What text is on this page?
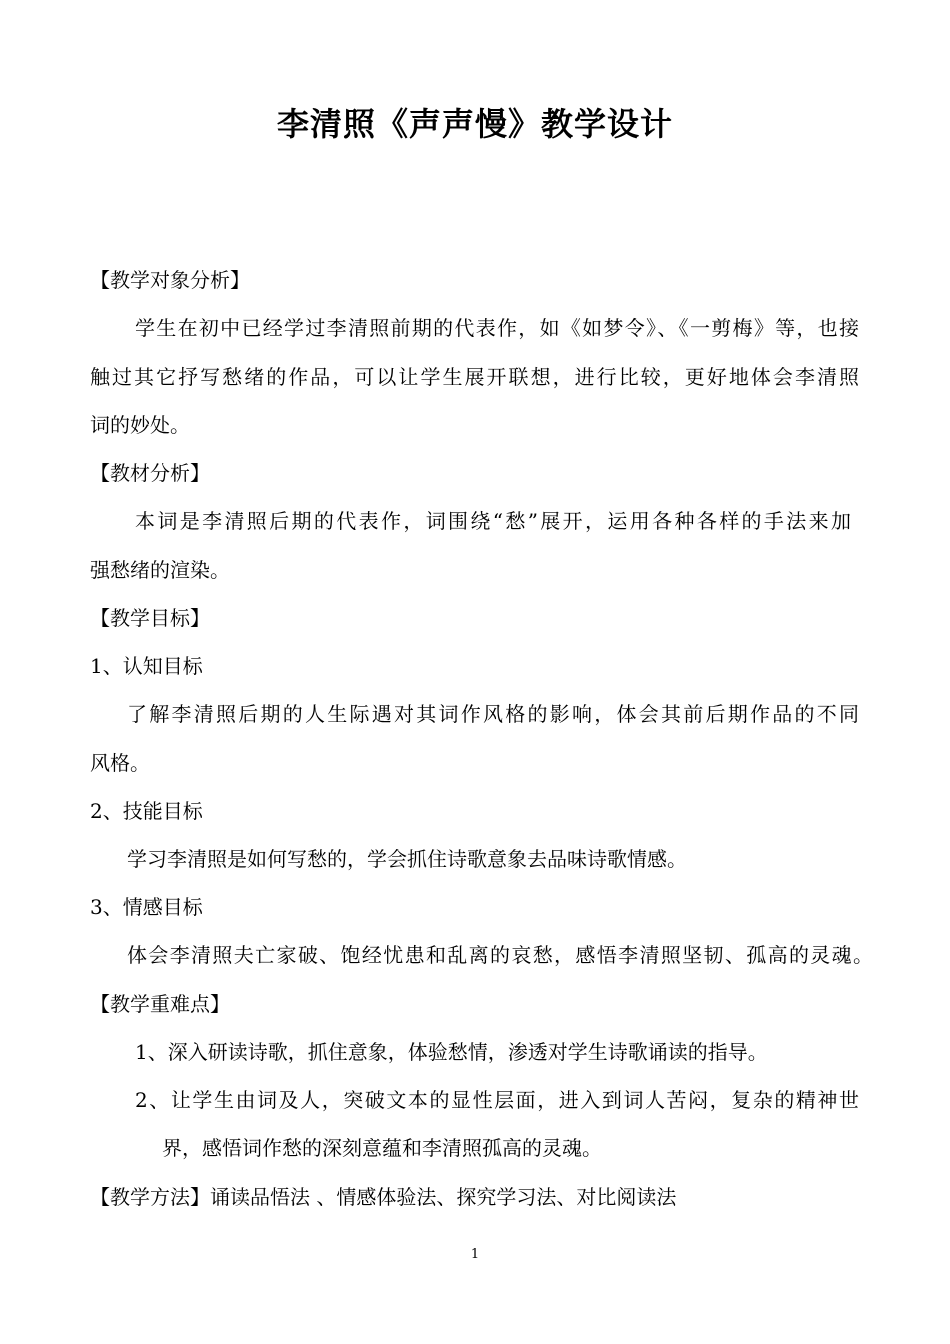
李清照《声声慢》教学设计
【教学对象分析】
学生在初中已经学过李清照前期的代表作，如《如梦令》、《一剪梅》等，也接
触过其它抒写愁绪的作品，可以让学生展开联想，进行比较，更好地体会李清照
词的妙处。
【教材分析】
本词是李清照后期的代表作，词围绕“愁”展开，运用各种各样的手法来加
强愁绪的渲染。
【教学目标】
1、认知目标
了解李清照后期的人生际遇对其词作风格的影响，体会其前后期作品的不同
风格。
2、技能目标
学习李清照是如何写愁的，学会抓住诗歌意象去品味诗歌情感。
3、情感目标
体会李清照夫亡家破、饱经忧患和乱离的哀愁，感悟李清照坚韧、孤高的灵魂。
【教学重难点】
1、深入研读诗歌，抓住意象，体验愁情，渗透对学生诗歌诵读的指导。
2、让学生由词及人，突破文本的显性层面，进入到词人苦闷，复杂的精神世
界，感悟词作愁的深刻意蕴和李清照孤高的灵魂。
【教学方法】诵读品悟法 、情感体验法、探究学习法、对比阅读法
1
